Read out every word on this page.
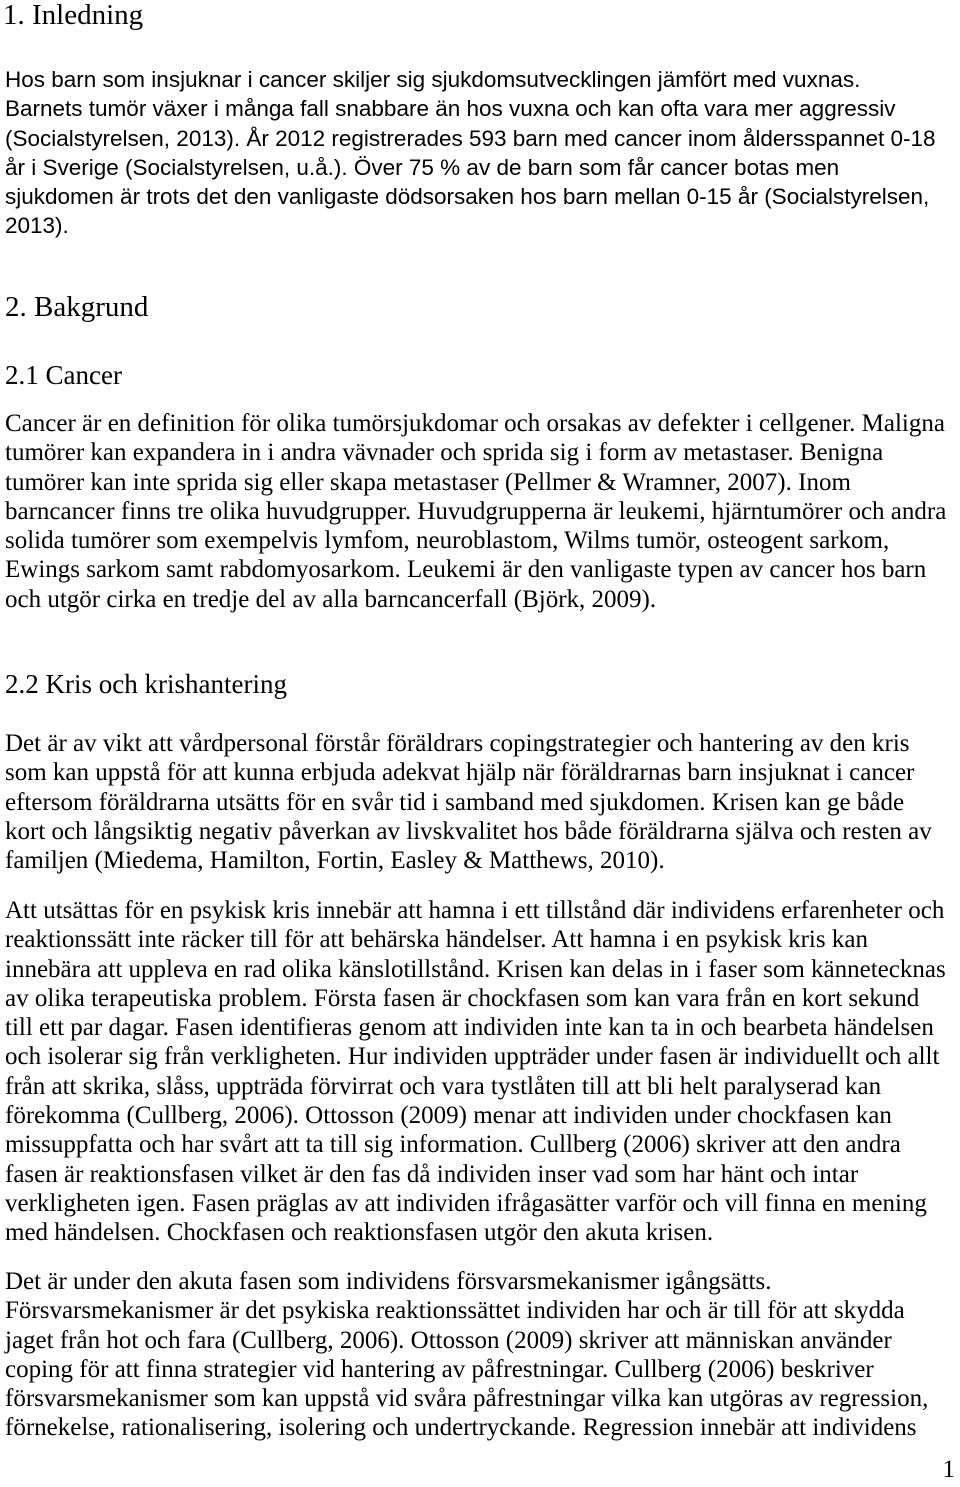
1. Inledning
Hos barn som insjuknar i cancer skiljer sig sjukdomsutvecklingen jämfört med vuxnas.
Barnets tumör växer i många fall snabbare än hos vuxna och kan ofta vara mer aggressiv
(Socialstyrelsen, 2013). År 2012 registrerades 593 barn med cancer inom åldersspannet 0-18
år i Sverige (Socialstyrelsen, u.å.). Över 75 % av de barn som får cancer botas men
sjukdomen är trots det den vanligaste dödsorsaken hos barn mellan 0-15 år (Socialstyrelsen,
2013).
2. Bakgrund
2.1 Cancer
Cancer är en definition för olika tumörsjukdomar och orsakas av defekter i cellgener. Maligna
tumörer kan expandera in i andra vävnader och sprida sig i form av metastaser. Benigna
tumörer kan inte sprida sig eller skapa metastaser (Pellmer & Wramner, 2007). Inom
barncancer finns tre olika huvudgrupper. Huvudgrupperna är leukemi, hjärntumörer och andra
solida tumörer som exempelvis lymfom, neuroblastom, Wilms tumör, osteogent sarkom,
Ewings sarkom samt rabdomyosarkom. Leukemi är den vanligaste typen av cancer hos barn
och utgör cirka en tredje del av alla barncancerfall (Björk, 2009).
2.2 Kris och krishantering
Det är av vikt att vårdpersonal förstår föräldrars copingstrategier och hantering av den kris
som kan uppstå för att kunna erbjuda adekvat hjälp när föräldrarnas barn insjuknat i cancer
eftersom föräldrarna utsätts för en svår tid i samband med sjukdomen. Krisen kan ge både
kort och långsiktig negativ påverkan av livskvalitet hos både föräldrarna själva och resten av
familjen (Miedema, Hamilton, Fortin, Easley & Matthews, 2010).
Att utsättas för en psykisk kris innebär att hamna i ett tillstånd där individens erfarenheter och
reaktionssätt inte räcker till för att behärska händelser. Att hamna i en psykisk kris kan
innebära att uppleva en rad olika känslotillstånd. Krisen kan delas in i faser som kännetecknas
av olika terapeutiska problem. Första fasen är chockfasen som kan vara från en kort sekund
till ett par dagar. Fasen identifieras genom att individen inte kan ta in och bearbeta händelsen
och isolerar sig från verkligheten. Hur individen uppträder under fasen är individuellt och allt
från att skrika, slåss, uppträda förvirrat och vara tystlåten till att bli helt paralyserad kan
förekomma (Cullberg, 2006). Ottosson (2009) menar att individen under chockfasen kan
missuppfatta och har svårt att ta till sig information. Cullberg (2006) skriver att den andra
fasen är reaktionsfasen vilket är den fas då individen inser vad som har hänt och intar
verkligheten igen. Fasen präglas av att individen ifrågasätter varför och vill finna en mening
med händelsen. Chockfasen och reaktionsfasen utgör den akuta krisen.
Det är under den akuta fasen som individens försvarsmekanismer igångsätts.
Försvarsmekanismer är det psykiska reaktionssättet individen har och är till för att skydda
jaget från hot och fara (Cullberg, 2006). Ottosson (2009) skriver att människan använder
coping för att finna strategier vid hantering av påfrestningar. Cullberg (2006) beskriver
försvarsmekanismer som kan uppstå vid svåra påfrestningar vilka kan utgöras av regression,
förnekelse, rationalisering, isolering och undertryckande. Regression innebär att individens
1
